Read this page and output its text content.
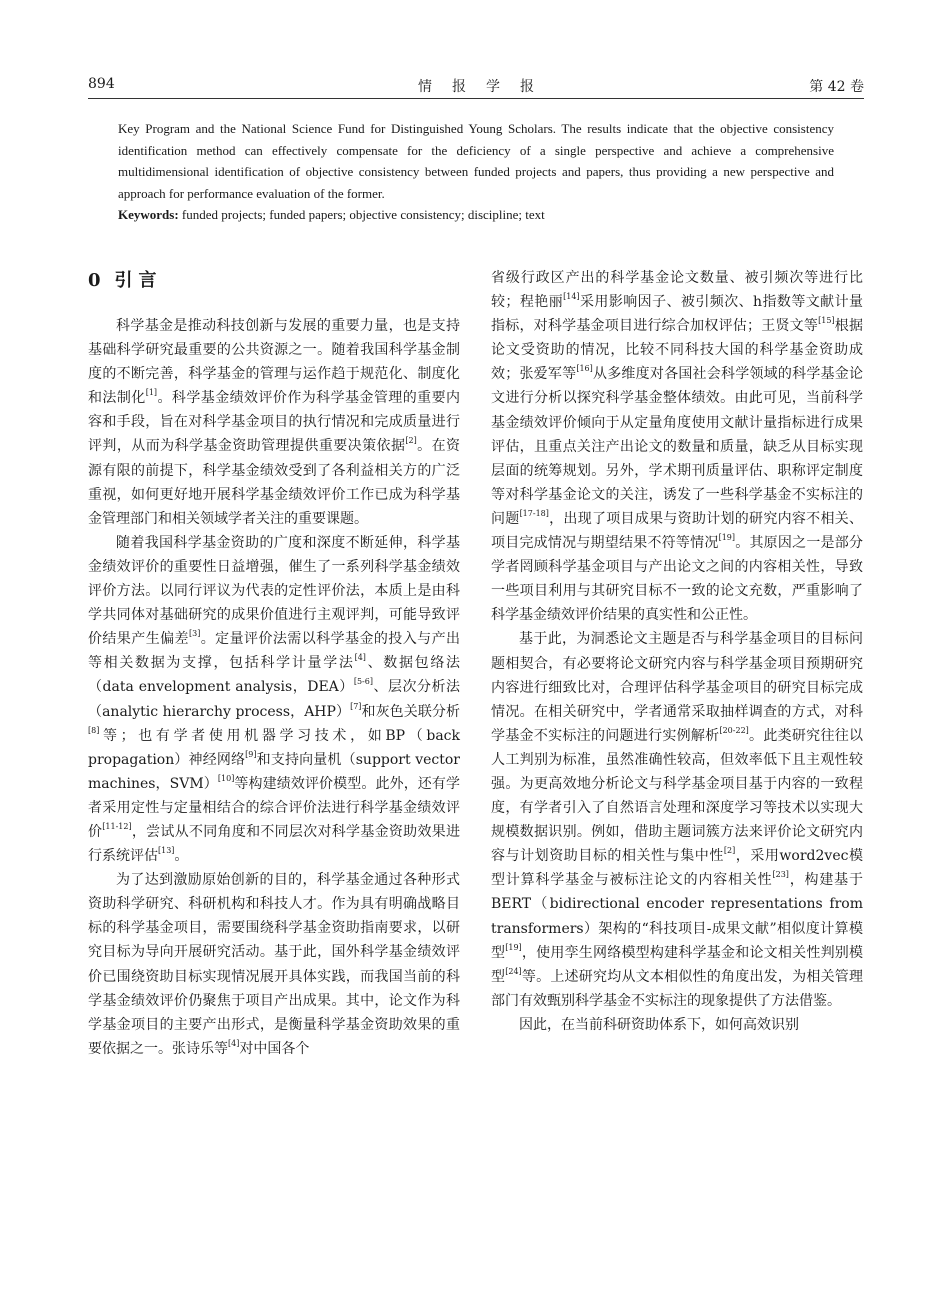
894	情报学报	第 42 卷

Key Program and the National Science Fund for Distinguished Young Scholars. The results indicate that the objective consistency identification method can effectively compensate for the deficiency of a single perspective and achieve a comprehensive multidimensional identification of objective consistency between funded projects and papers, thus providing a new perspective and approach for performance evaluation of the former.

Keywords: funded projects; funded papers; objective consistency; discipline; text

0 引言

科学基金是推动科技创新与发展的重要力量，也是支持基础科学研究最重要的公共资源之一。随着我国科学基金制度的不断完善，科学基金的管理与运作趋于规范化、制度化和法制化[1]。科学基金绩效评价作为科学基金管理的重要内容和手段，旨在对科学基金项目的执行情况和完成质量进行评判，从而为科学基金资助管理提供重要决策依据[2]。在资源有限的前提下，科学基金绩效受到了各利益相关方的广泛重视，如何更好地开展科学基金绩效评价工作已成为科学基金管理部门和相关领域学者关注的重要课题。

随着我国科学基金资助的广度和深度不断延伸，科学基金绩效评价的重要性日益增强，催生了一系列科学基金绩效评价方法。以同行评议为代表的定性评价法，本质上是由科学共同体对基础研究的成果价值进行主观评判，可能导致评价结果产生偏差[3]。定量评价法需以科学基金的投入与产出等相关数据为支撑，包括科学计量学法[4]、数据包络法（data envelopment analysis，DEA）[5-6]、层次分析法（analytic hierarchy process，AHP）[7]和灰色关联分析[8]等；也有学者使用机器学习技术，如BP（back propagation）神经网络[9]和支持向量机（support vector machines，SVM）[10]等构建绩效评价模型。此外，还有学者采用定性与定量相结合的综合评价法进行科学基金绩效评价[11-12]，尝试从不同角度和不同层次对科学基金资助效果进行系统评估[13]。

为了达到激励原始创新的目的，科学基金通过各种形式资助科学研究、科研机构和科技人才。作为具有明确战略目标的科学基金项目，需要围绕科学基金资助指南要求，以研究目标为导向开展研究活动。基于此，国外科学基金绩效评价已围绕资助目标实现情况展开具体实践，而我国当前的科学基金绩效评价仍聚焦于项目产出成果。其中，论文作为科学基金项目的主要产出形式，是衡量科学基金资助效果的重要依据之一。张诗乐等[4]对中国各个

省级行政区产出的科学基金论文数量、被引频次等进行比较；程艳丽[14]采用影响因子、被引频次、h指数等文献计量指标，对科学基金项目进行综合加权评估；王贤文等[15]根据论文受资助的情况，比较不同科技大国的科学基金资助成效；张爱军等[16]从多维度对各国社会科学领域的科学基金论文进行分析以探究科学基金整体绩效。由此可见，当前科学基金绩效评价倾向于从定量角度使用文献计量指标进行成果评估，且重点关注产出论文的数量和质量，缺乏从目标实现层面的统筹规划。另外，学术期刊质量评估、职称评定制度等对科学基金论文的关注，诱发了一些科学基金不实标注的问题[17-18]，出现了项目成果与资助计划的研究内容不相关、项目完成情况与期望结果不符等情况[19]。其原因之一是部分学者罔顾科学基金项目与产出论文之间的内容相关性，导致一些项目利用与其研究目标不一致的论文充数，严重影响了科学基金绩效评价结果的真实性和公正性。

基于此，为洞悉论文主题是否与科学基金项目的目标问题相契合，有必要将论文研究内容与科学基金项目预期研究内容进行细致比对，合理评估科学基金项目的研究目标完成情况。在相关研究中，学者通常采取抽样调查的方式，对科学基金不实标注的问题进行实例解析[20-22]。此类研究往往以人工判别为标准，虽然准确性较高，但效率低下且主观性较强。为更高效地分析论文与科学基金项目基于内容的一致程度，有学者引入了自然语言处理和深度学习等技术以实现大规模数据识别。例如，借助主题词簇方法来评价论文研究内容与计划资助目标的相关性与集中性[2]，采用word2vec模型计算科学基金与被标注论文的内容相关性[23]，构建基于BERT（bidirectional encoder representations from transformers）架构的“科技项目-成果文献”相似度计算模型[19]，使用孪生网络模型构建科学基金和论文相关性判别模型[24]等。上述研究均从文本相似性的角度出发，为相关管理部门有效甄别科学基金不实标注的现象提供了方法借鉴。

因此，在当前科研资助体系下，如何高效识别
